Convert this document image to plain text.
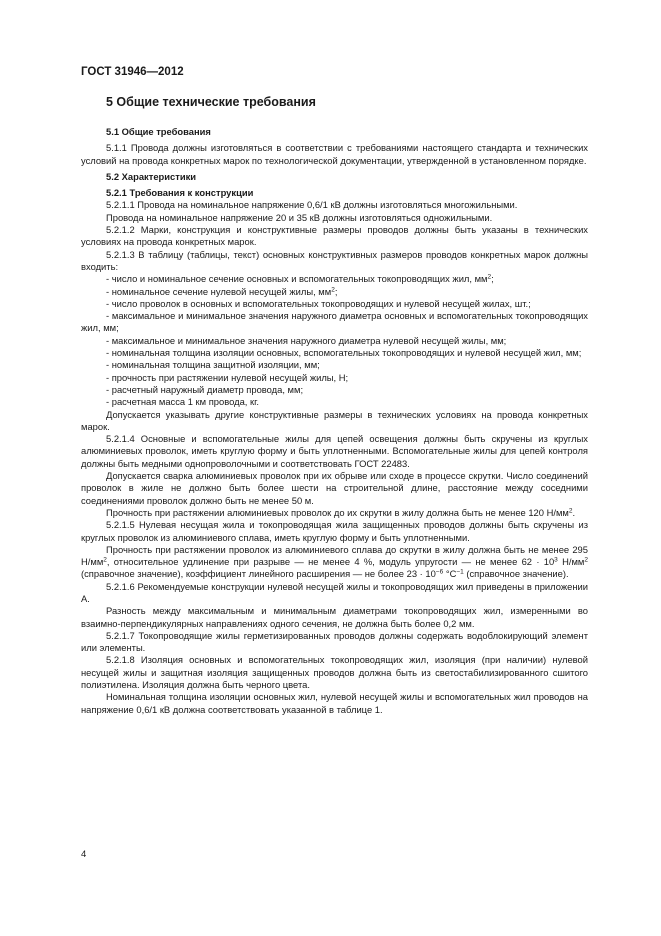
ГОСТ 31946—2012
5 Общие технические требования

5.1 Общие требования

5.1.1 Провода должны изготовляться в соответствии с требованиями настоящего стандарта и технических условий на провода конкретных марок по технологической документации, утвержденной в установленном порядке.

5.2 Характеристики

5.2.1 Требования к конструкции

5.2.1.1 Провода на номинальное напряжение 0,6/1 кВ должны изготовляться многожильными.

Провода на номинальное напряжение 20 и 35 кВ должны изготовляться одножильными.

5.2.1.2 Марки, конструкция и конструктивные размеры проводов должны быть указаны в технических условиях на провода конкретных марок.

5.2.1.3 В таблицу (таблицы, текст) основных конструктивных размеров проводов конкретных марок должны входить:

- число и номинальное сечение основных и вспомогательных токопроводящих жил, $мм^2$;

- номинальное сечение нулевой несущей жилы, $мм^2$;

- число проволок в основных и вспомогательных токопроводящих и нулевой несущей жилах, шт.;

- максимальное и минимальное значения наружного диаметра основных и вспомогательных токопроводящих жил, мм;

- максимальное и минимальное значения наружного диаметра нулевой несущей жилы, мм;

- номинальная толщина изоляции основных, вспомогательных токопроводящих и нулевой несущей жил, мм;

- номинальная толщина защитной изоляции, мм;

- прочность при растяжении нулевой несущей жилы, Н;

- расчетный наружный диаметр провода, мм;

- расчетная масса 1 км провода, кг.

Допускается указывать другие конструктивные размеры в технических условиях на провода конкретных марок.

5.2.1.4 Основные и вспомогательные жилы для цепей освещения должны быть скручены из круглых алюминиевых проволок, иметь круглую форму и быть уплотненными. Вспомогательные жилы для цепей контроля должны быть медными однопроволочными и соответствовать ГОСТ 22483.

Допускается сварка алюминиевых проволок при их обрыве или сходе в процессе скрутки. Число соединений проволок в жиле не должно быть более шести на строительной длине, расстояние между соседними соединениями проволок должно быть не менее 50 м.

Прочность при растяжении алюминиевых проволок до их скрутки в жилу должна быть не менее 120 $Н/мм^2$.

5.2.1.5 Нулевая несущая жила и токопроводящая жила защищенных проводов должны быть скручены из круглых проволок из алюминиевого сплава, иметь круглую форму и быть уплотненными.

Прочность при растяжении проволок из алюминиевого сплава до скрутки в жилу должна быть не менее 295 $Н/мм^2$, относительное удлинение при разрыве — не менее 4 %, модуль упругости — не менее $62 \cdot 10^3$ $Н/мм^2$ (справочное значение), коэффициент линейного расширения — не более $23 \cdot 10^{-6}$ $^\circ С^{-1}$ (справочное значение).

5.2.1.6 Рекомендуемые конструкции нулевой несущей жилы и токопроводящих жил приведены в приложении А.

Разность между максимальным и минимальным диаметрами токопроводящих жил, измеренными во взаимно-перпендикулярных направлениях одного сечения, не должна быть более 0,2 мм.

5.2.1.7 Токопроводящие жилы герметизированных проводов должны содержать водоблокирующий элемент или элементы.

5.2.1.8 Изоляция основных и вспомогательных токопроводящих жил, изоляция (при наличии) нулевой несущей жилы и защитная изоляция защищенных проводов должна быть из светостабилизированного сшитого полиэтилена. Изоляция должна быть черного цвета.

Номинальная толщина изоляции основных жил, нулевой несущей жилы и вспомогательных жил проводов на напряжение 0,6/1 кВ должна соответствовать указанной в таблице 1.

4
